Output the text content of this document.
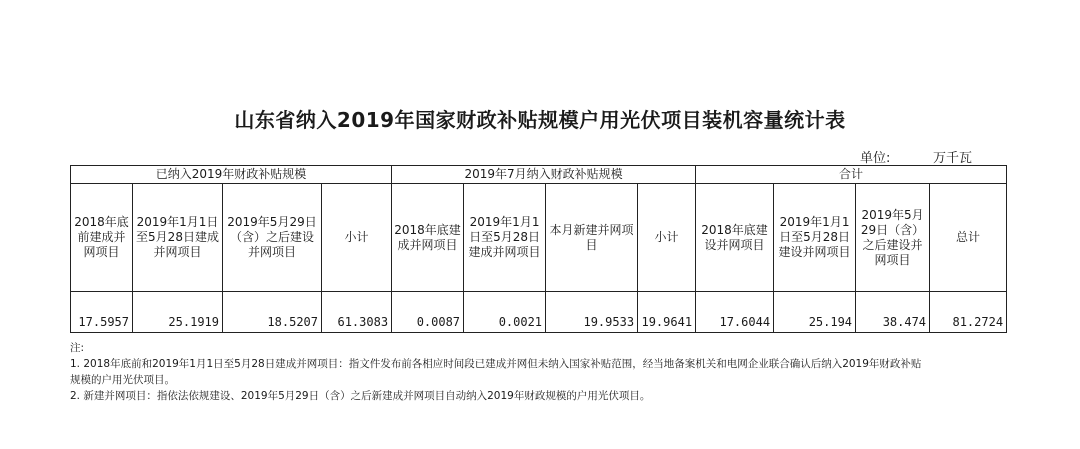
山东省纳入2019年国家财政补贴规模户用光伏项目装机容量统计表
单位:	万千瓦
已纳入2019年财政补贴规模				2019年7月纳入财政补贴规模				合计			
2018年底前建成并网项目	2019年1月1日至5月28日建成并网项目	2019年5月29日（含）之后建设并网项目	小计	2018年底建成并网项目	2019年1月1日至5月28日建成并网项目	本月新建并网项目	小计	2018年底建设并网项目	2019年1月1日至5月28日建设并网项目	2019年5月29日（含）之后建设并网项目	总计
17.5957	25.1919	18.5207	61.3083	0.0087	0.0021	19.9533	19.9641	17.6044	25.194	38.474	81.2724
注:
1. 2018年底前和2019年1月1日至5月28日建成并网项目：指文件发布前各相应时间段已建成并网但未纳入国家补贴范围，经当地备案机关和电网企业联合确认后纳入2019年财政补贴
规模的户用光伏项目。
2. 新建并网项目：指依法依规建设、2019年5月29日（含）之后新建成并网项目自动纳入2019年财政规模的户用光伏项目。
